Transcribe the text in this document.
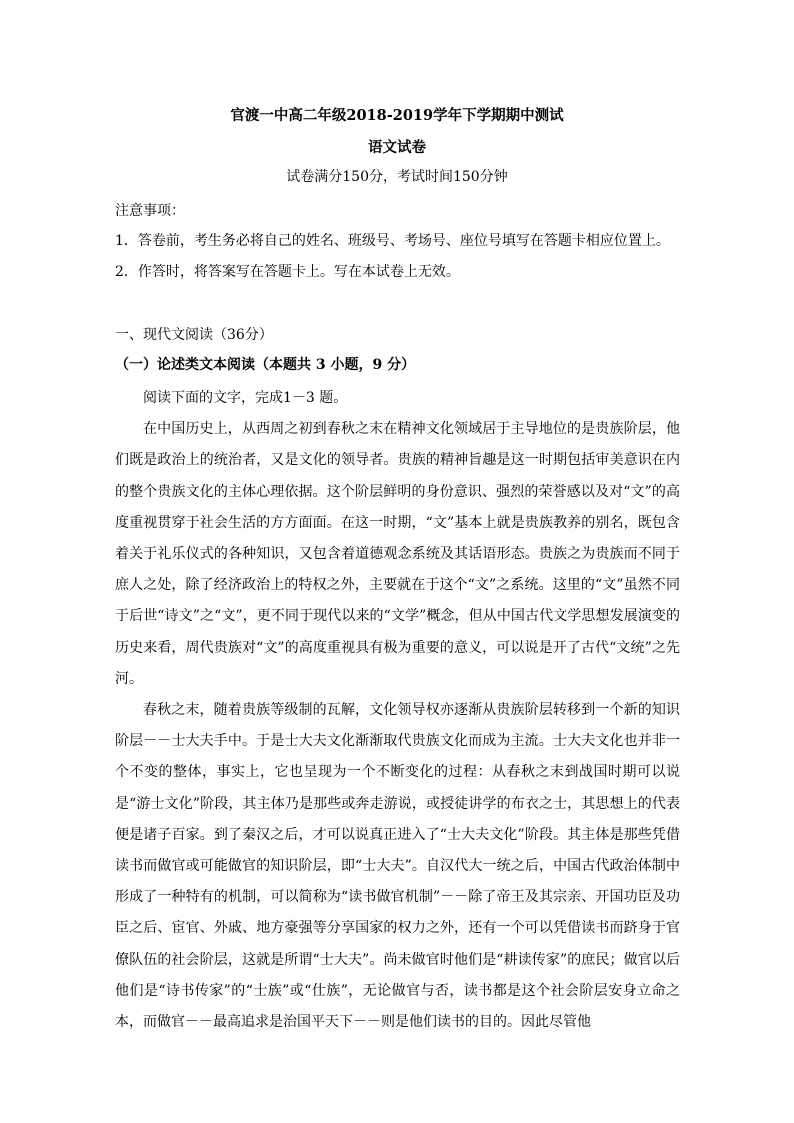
官渡一中高二年级2018-2019学年下学期期中测试
语文试卷
试卷满分150分，考试时间150分钟
注意事项：
1．答卷前，考生务必将自己的姓名、班级号、考场号、座位号填写在答题卡相应位置上。
2．作答时，将答案写在答题卡上。写在本试卷上无效。
一、现代文阅读（36分）
（一）论述类文本阅读（本题共 3 小题，9 分）

阅读下面的文字，完成1－3 题。

在中国历史上，从西周之初到春秋之末在精神文化领域居于主导地位的是贵族阶层，他们既是政治上的统治者，又是文化的领导者。贵族的精神旨趣是这一时期包括审美意识在内的整个贵族文化的主体心理依据。这个阶层鲜明的身份意识、强烈的荣誉感以及对“文”的高度重视贯穿于社会生活的方方面面。在这一时期，“文”基本上就是贵族教养的别名，既包含着关于礼乐仪式的各种知识，又包含着道德观念系统及其话语形态。贵族之为贵族而不同于庶人之处，除了经济政治上的特权之外，主要就在于这个“文”之系统。这里的“文”虽然不同于后世“诗文”之“文”，更不同于现代以来的“文学”概念，但从中国古代文学思想发展演变的历史来看，周代贵族对“文”的高度重视具有极为重要的意义，可以说是开了古代“文统”之先河。

春秋之末，随着贵族等级制的瓦解，文化领导权亦逐渐从贵族阶层转移到一个新的知识阶层－－士大夫手中。于是士大夫文化渐渐取代贵族文化而成为主流。士大夫文化也并非一个不变的整体，事实上，它也呈现为一个不断变化的过程：从春秋之末到战国时期可以说是“游士文化”阶段，其主体乃是那些或奔走游说，或授徒讲学的布衣之士，其思想上的代表便是诸子百家。到了秦汉之后，才可以说真正进入了“士大夫文化”阶段。其主体是那些凭借读书而做官或可能做官的知识阶层，即“士大夫”。自汉代大一统之后，中国古代政治体制中形成了一种特有的机制，可以简称为“读书做官机制”－－除了帝王及其宗亲、开国功臣及功臣之后、宦官、外戚、地方豪强等分享国家的权力之外，还有一个可以凭借读书而跻身于官僚队伍的社会阶层，这就是所谓“士大夫”。尚未做官时他们是“耕读传家”的庶民；做官以后他们是“诗书传家”的“士族”或“仕族”，无论做官与否，读书都是这个社会阶层安身立命之本，而做官－－最高追求是治国平天下－－则是他们读书的目的。因此尽管他
